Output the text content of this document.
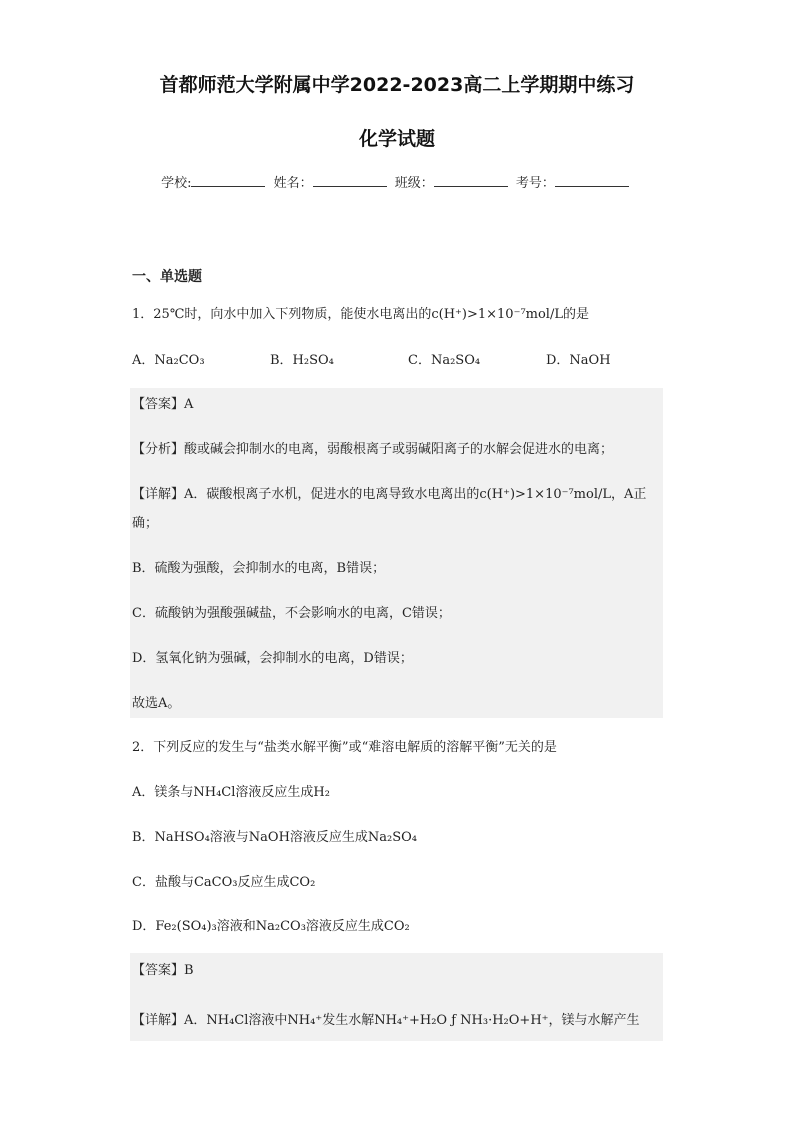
首都师范大学附属中学2022-2023高二上学期期中练习
化学试题
学校:	姓名：	班级：	考号：
一、单选题
1．25℃时，向水中加入下列物质，能使水电离出的c(H⁺)>1×10⁻⁷mol/L的是
A．Na₂CO₃	B．H₂SO₄	C．Na₂SO₄	D．NaOH
【答案】A
【分析】酸或碱会抑制水的电离，弱酸根离子或弱碱阳离子的水解会促进水的电离；
【详解】A．碳酸根离子水机，促进水的电离导致水电离出的c(H⁺)>1×10⁻⁷mol/L，A正
确；
B．硫酸为强酸，会抑制水的电离，B错误；
C．硫酸钠为强酸强碱盐，不会影响水的电离，C错误；
D．氢氧化钠为强碱，会抑制水的电离，D错误；
故选A。
2．下列反应的发生与“盐类水解平衡”或“难溶电解质的溶解平衡”无关的是
A．镁条与NH₄Cl溶液反应生成H₂
B．NaHSO₄溶液与NaOH溶液反应生成Na₂SO₄
C．盐酸与CaCO₃反应生成CO₂
D．Fe₂(SO₄)₃溶液和Na₂CO₃溶液反应生成CO₂
【答案】B
【详解】A．NH₄Cl溶液中NH₄⁺发生水解NH₄⁺+H₂O ƒ NH₃·H₂O+H⁺，镁与水解产生
